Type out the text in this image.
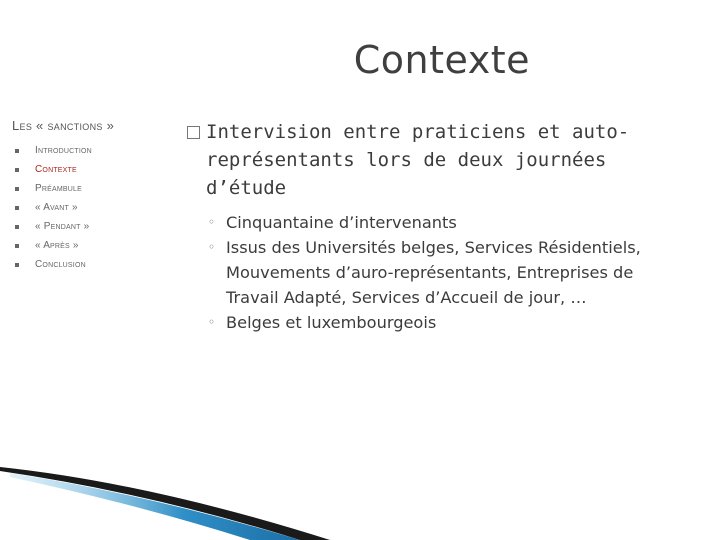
Contexte
Les « sanctions »
Introduction
Contexte
Préambule
« Avant »
« Pendant »
« Après »
Conclusion
Intervision entre praticiens et auto-représentants lors de deux journées d’étude
◦ Cinquantaine d’intervenants
◦ Issus des Universités belges, Services Résidentiels, Mouvements d’auro-représentants, Entreprises de Travail Adapté, Services d’Accueil de jour, …
◦ Belges et luxembourgeois
